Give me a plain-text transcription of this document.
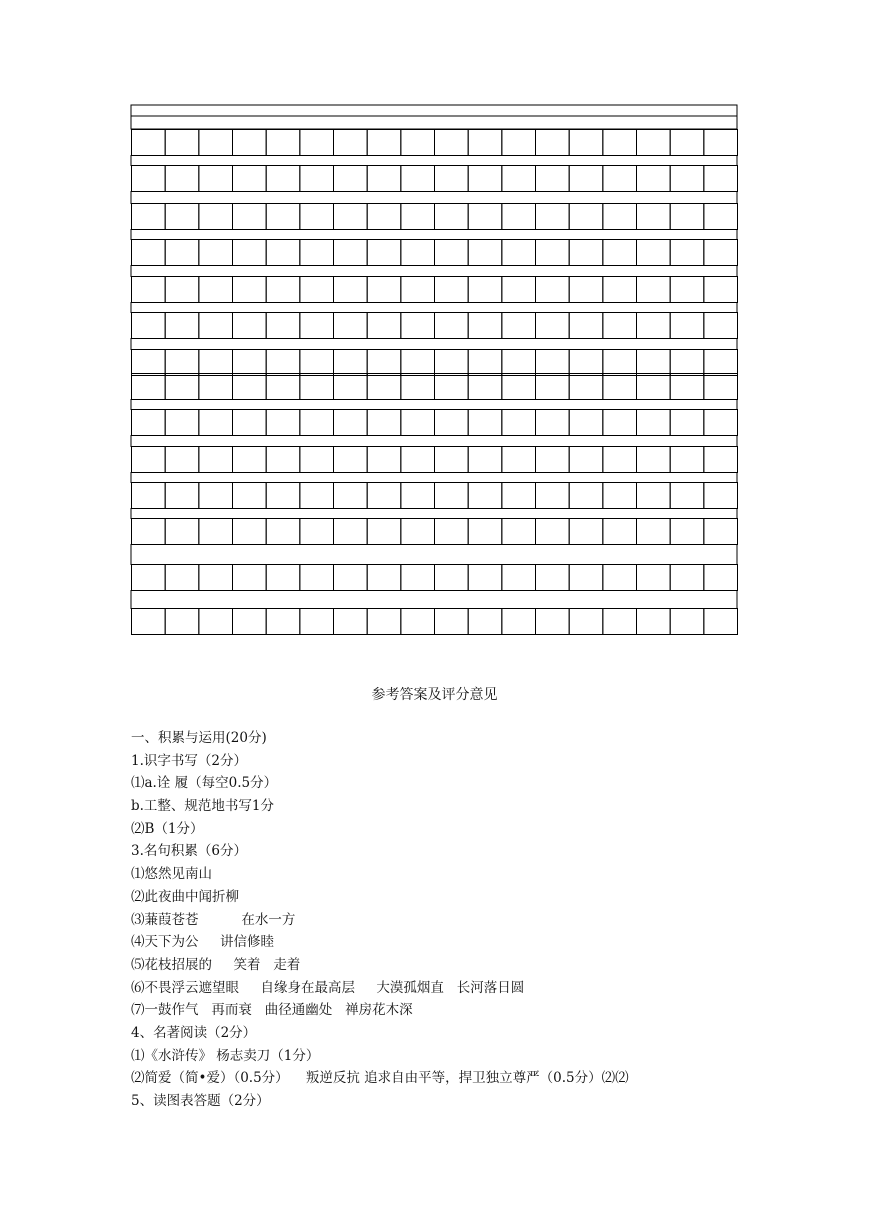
参考答案及评分意见
一、积累与运用(20分)
1.识字书写（2分）
⑴a.诠 履（每空0.5分）
b.工整、规范地书写1分
⑵B（1分）
3.名句积累（6分）
⑴悠然见南山
⑵此夜曲中闻折柳
⑶蒹葭苍苍          在水一方
⑷天下为公     讲信修睦
⑸花枝招展的     笑着   走着
⑹不畏浮云遮望眼     自缘身在最高层     大漠孤烟直   长河落日圆
⑺一鼓作气   再而衰   曲径通幽处   禅房花木深
4、名著阅读（2分）
⑴《水浒传》 杨志卖刀（1分）
⑵简爱（简•爱）（0.5分）    叛逆反抗 追求自由平等，捍卫独立尊严（0.5分）⑵⑵
5、读图表答题（2分）
